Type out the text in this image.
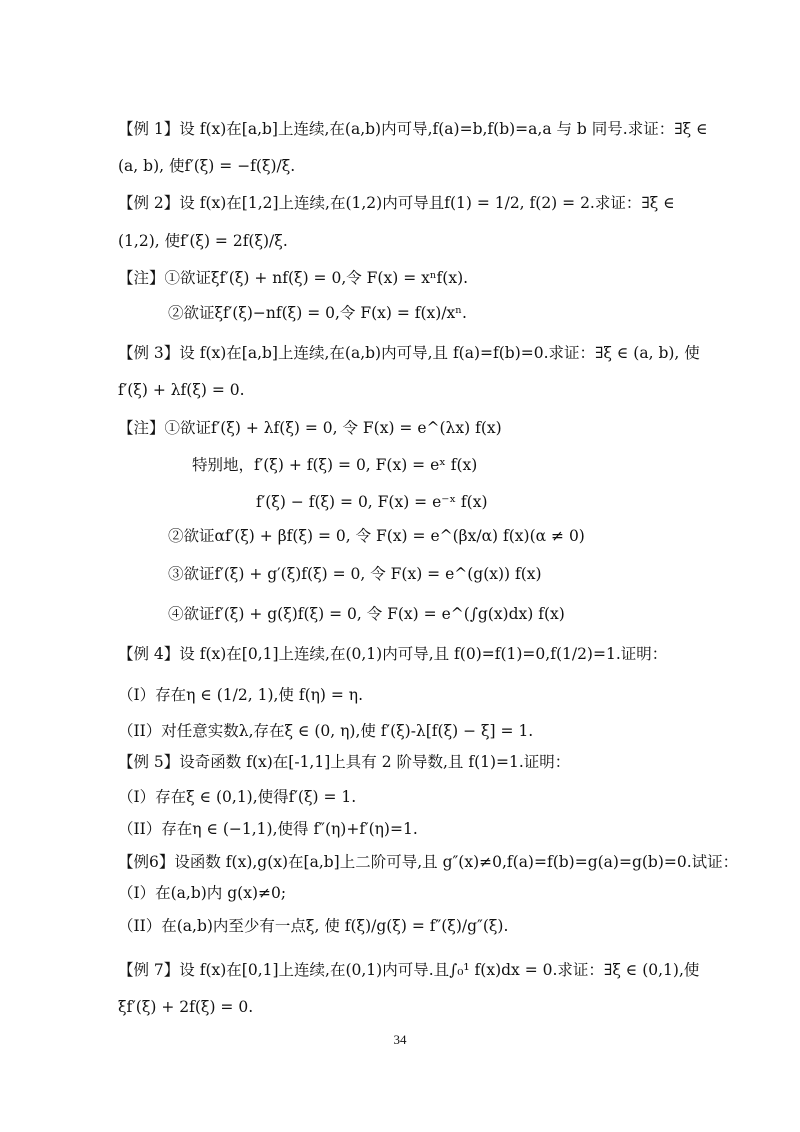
【例 1】设 f(x)在[a,b]上连续,在(a,b)内可导,f(a)=b,f(b)=a,a 与 b 同号.求证：∃ξ ∈
(a, b), 使f′(ξ) = −f(ξ)/ξ.
【例 2】设 f(x)在[1,2]上连续,在(1,2)内可导且f(1) = 1/2, f(2) = 2.求证：∃ξ ∈
(1,2), 使f′(ξ) = 2f(ξ)/ξ.
【注】①欲证ξf′(ξ) + nf(ξ) = 0,令 F(x) = xⁿf(x).
②欲证ξf′(ξ)−nf(ξ) = 0,令 F(x) = f(x)/xⁿ.
【例 3】设 f(x)在[a,b]上连续,在(a,b)内可导,且 f(a)=f(b)=0.求证：∃ξ ∈ (a, b), 使
f′(ξ) + λf(ξ) = 0.
【注】①欲证f′(ξ) + λf(ξ) = 0, 令 F(x) = e^(λx) f(x)
特别地，f′(ξ) + f(ξ) = 0, F(x) = eˣ f(x)
f′(ξ) − f(ξ) = 0, F(x) = e⁻ˣ f(x)
②欲证αf′(ξ) + βf(ξ) = 0, 令 F(x) = e^(βx/α) f(x)(α ≠ 0)
③欲证f′(ξ) + g′(ξ)f(ξ) = 0, 令 F(x) = e^(g(x)) f(x)
④欲证f′(ξ) + g(ξ)f(ξ) = 0, 令 F(x) = e^(∫g(x)dx) f(x)
【例 4】设 f(x)在[0,1]上连续,在(0,1)内可导,且 f(0)=f(1)=0,f(1/2)=1.证明：
（I）存在η ∈ (1/2, 1),使 f(η) = η.
（II）对任意实数λ,存在ξ ∈ (0, η),使 f′(ξ)-λ[f(ξ) − ξ] = 1.
【例 5】设奇函数 f(x)在[-1,1]上具有 2 阶导数,且 f(1)=1.证明：
（I）存在ξ ∈ (0,1),使得f′(ξ) = 1.
（II）存在η ∈ (−1,1),使得 f″(η)+f′(η)=1.
【例6】设函数 f(x),g(x)在[a,b]上二阶可导,且 g″(x)≠0,f(a)=f(b)=g(a)=g(b)=0.试证：
（I）在(a,b)内 g(x)≠0;
（II）在(a,b)内至少有一点ξ, 使 f(ξ)/g(ξ) = f″(ξ)/g″(ξ).
【例 7】设 f(x)在[0,1]上连续,在(0,1)内可导.且∫₀¹ f(x)dx = 0.求证：∃ξ ∈ (0,1),使
ξf′(ξ) + 2f(ξ) = 0.
34
